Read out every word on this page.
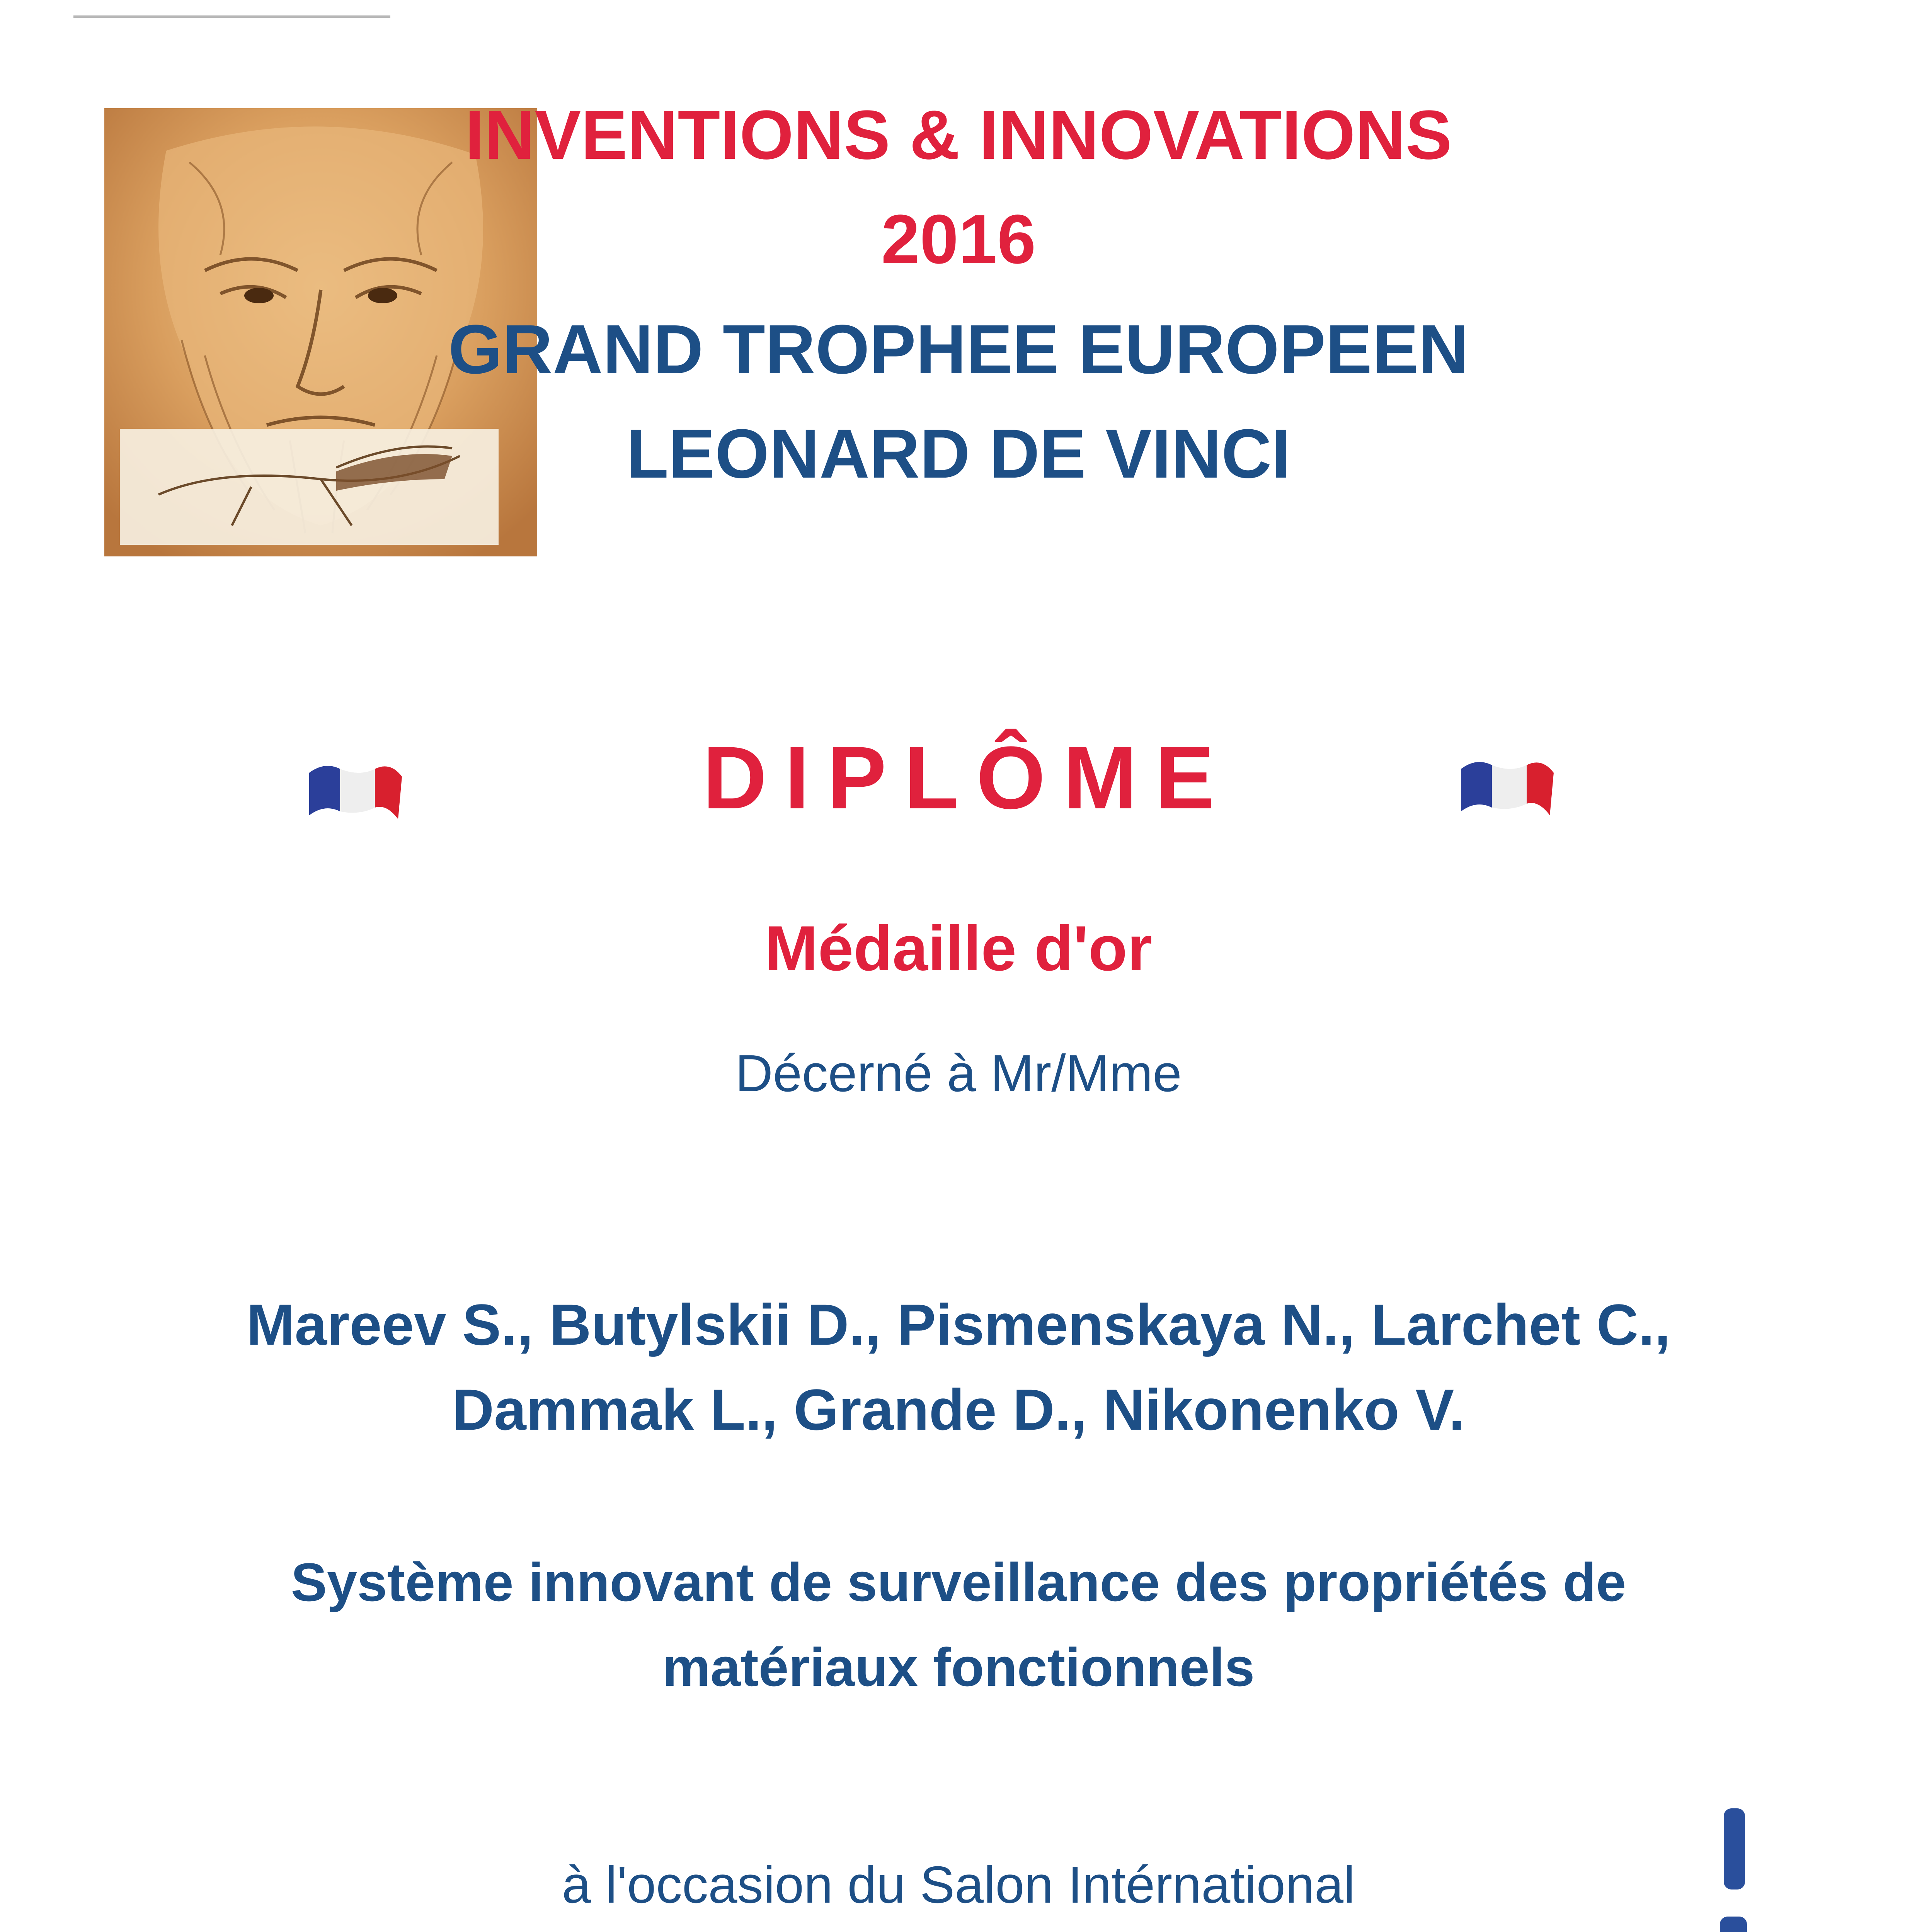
INVENTIONS & INNOVATIONS
2016
GRAND TROPHEE EUROPEEN
LEONARD DE VINCI
DIPLÔME
Médaille d'or
Décerné à Mr/Mme
Mareev S., Butylskii D., Pismenskaya N., Larchet C.,
Dammak L., Grande D., Nikonenko V.
Système innovant de surveillance des propriétés de
matériaux fonctionnels
à l'occasion du Salon Intérnational
